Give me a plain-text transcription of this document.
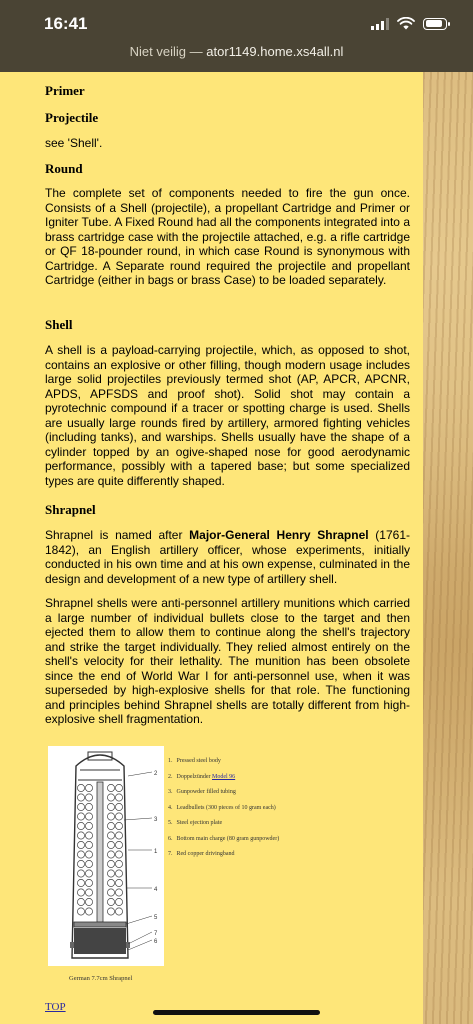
16:41
Niet veilig — ator1149.home.xs4all.nl
Primer
Projectile

see 'Shell'.

Round

The complete set of components needed to fire the gun once. Consists of a Shell (projectile), a propellant Cartridge and Primer or Igniter Tube. A Fixed Round had all the components integrated into a brass cartridge case with the projectile attached, e.g. a rifle cartridge or QF 18-pounder round, in which case Round is synonymous with Cartridge. A Separate round required the projectile and propellant Cartridge (either in bags or brass Case) to be loaded separately.

Shell

A shell is a payload-carrying projectile, which, as opposed to shot, contains an explosive or other filling, though modern usage includes large solid projectiles previously termed shot (AP, APCR, APCNR, APDS, APFSDS and proof shot). Solid shot may contain a pyrotechnic compound if a tracer or spotting charge is used. Shells are usually large rounds fired by artillery, armored fighting vehicles (including tanks), and warships. Shells usually have the shape of a cylinder topped by an ogive-shaped nose for good aerodynamic performance, possibly with a tapered base; but some specialized types are quite differently shaped.

Shrapnel

Shrapnel is named after Major-General Henry Shrapnel (1761-1842), an English artillery officer, whose experiments, initially conducted in his own time and at his own expense, culminated in the design and development of a new type of artillery shell.

Shrapnel shells were anti-personnel artillery munitions which carried a large number of individual bullets close to the target and then ejected them to allow them to continue along the shell's trajectory and strike the target individually. They relied almost entirely on the shell's velocity for their lethality. The munition has been obsolete since the end of World War I for anti-personnel use, when it was superseded by high-explosive shells for that role. The functioning and principles behind Shrapnel shells are totally different from high-explosive shell fragmentation.

2
3
1
4
5
7
6
1. Pressed steel body
2. Doppelzünder Model 96
3. Gunpowder filled tubing
4. Leadbullets (300 pieces of 10 gram each)
5. Steel ejection plate
6. Bottom main charge (80 gram gunpowder)
7. Red copper drivingband
German 7.7cm Shrapnel
TOP
